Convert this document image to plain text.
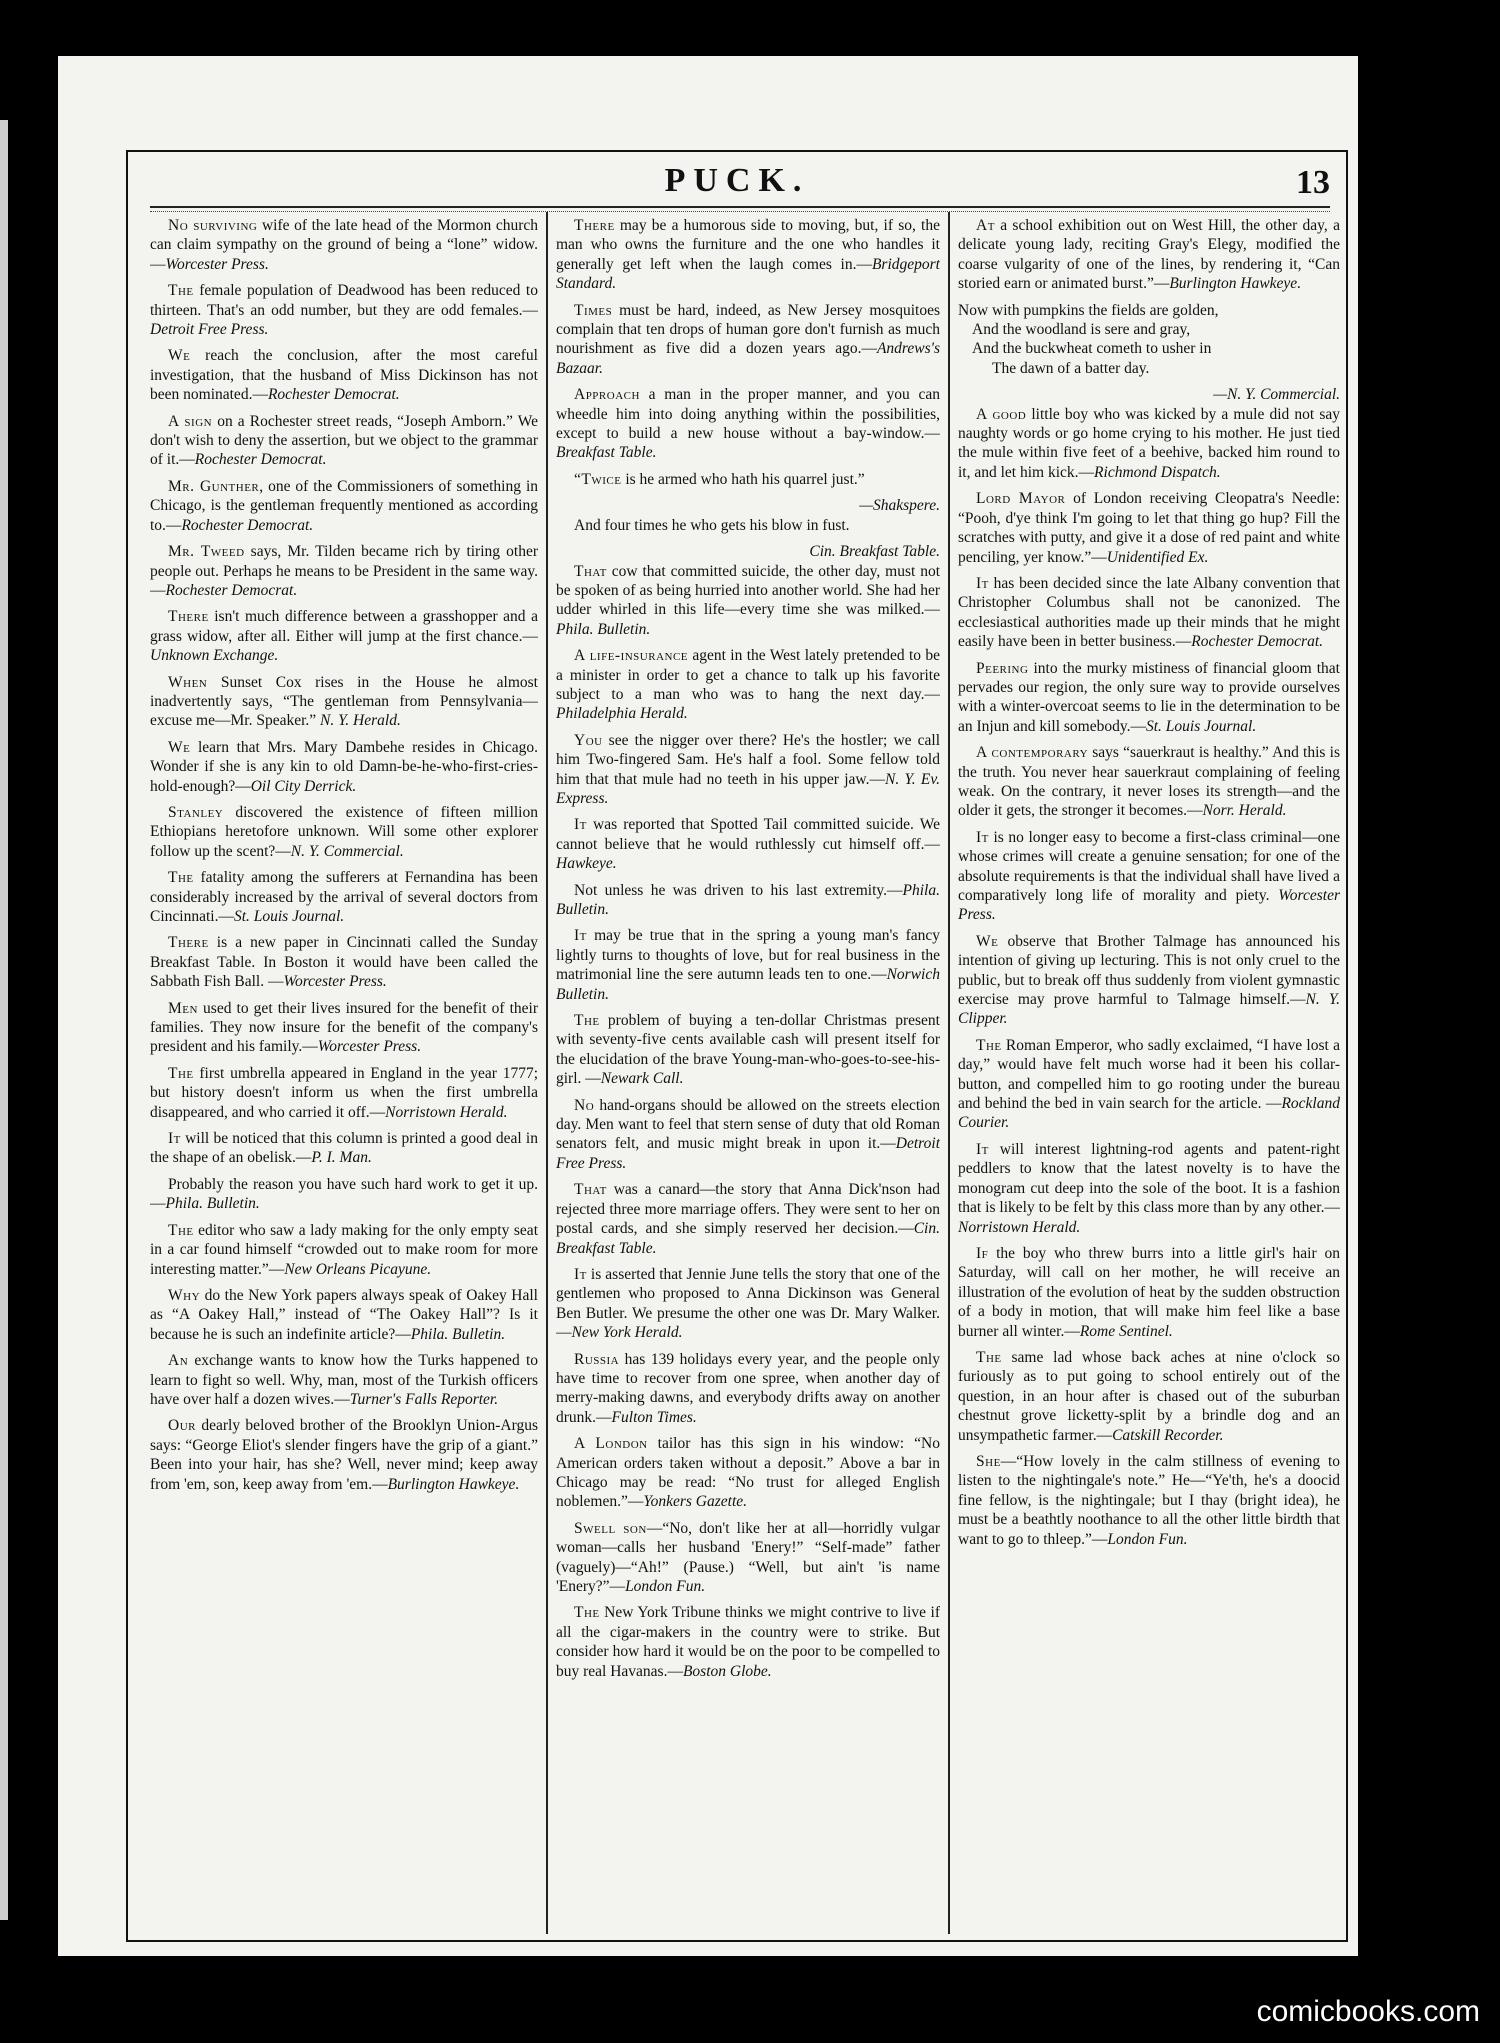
PUCK.	13

No surviving wife of the late head of the Mormon church can claim sympathy on the ground of being a “lone” widow.—Worcester Press.

The female population of Deadwood has been reduced to thirteen. That's an odd number, but they are odd females.—Detroit Free Press.

We reach the conclusion, after the most careful investigation, that the husband of Miss Dickinson has not been nominated.—Rochester Democrat.

A sign on a Rochester street reads, “Joseph Amborn.” We don't wish to deny the assertion, but we object to the grammar of it.—Rochester Democrat.

Mr. Gunther, one of the Commissioners of something in Chicago, is the gentleman frequently mentioned as according to.—Rochester Democrat.

Mr. Tweed says, Mr. Tilden became rich by tiring other people out. Perhaps he means to be President in the same way.—Rochester Democrat.

There isn't much difference between a grasshopper and a grass widow, after all. Either will jump at the first chance.—Unknown Exchange.

When Sunset Cox rises in the House he almost inadvertently says, “The gentleman from Pennsylvania—excuse me—Mr. Speaker.” N. Y. Herald.

We learn that Mrs. Mary Dambehe resides in Chicago. Wonder if she is any kin to old Damn-be-he-who-first-cries-hold-enough?—Oil City Derrick.

Stanley discovered the existence of fifteen million Ethiopians heretofore unknown. Will some other explorer follow up the scent?—N. Y. Commercial.

The fatality among the sufferers at Fernandina has been considerably increased by the arrival of several doctors from Cincinnati.—St. Louis Journal.

There is a new paper in Cincinnati called the Sunday Breakfast Table. In Boston it would have been called the Sabbath Fish Ball. —Worcester Press.

Men used to get their lives insured for the benefit of their families. They now insure for the benefit of the company's president and his family.—Worcester Press.

The first umbrella appeared in England in the year 1777; but history doesn't inform us when the first umbrella disappeared, and who carried it off.—Norristown Herald.

It will be noticed that this column is printed a good deal in the shape of an obelisk.—P. I. Man.

Probably the reason you have such hard work to get it up.—Phila. Bulletin.

The editor who saw a lady making for the only empty seat in a car found himself “crowded out to make room for more interesting matter.”—New Orleans Picayune.

Why do the New York papers always speak of Oakey Hall as “A Oakey Hall,” instead of “The Oakey Hall”? Is it because he is such an indefinite article?—Phila. Bulletin.

An exchange wants to know how the Turks happened to learn to fight so well. Why, man, most of the Turkish officers have over half a dozen wives.—Turner's Falls Reporter.

Our dearly beloved brother of the Brooklyn Union-Argus says: “George Eliot's slender fingers have the grip of a giant.” Been into your hair, has she? Well, never mind; keep away from 'em, son, keep away from 'em.—Burlington Hawkeye.

There may be a humorous side to moving, but, if so, the man who owns the furniture and the one who handles it generally get left when the laugh comes in.—Bridgeport Standard.

Times must be hard, indeed, as New Jersey mosquitoes complain that ten drops of human gore don't furnish as much nourishment as five did a dozen years ago.—Andrews's Bazaar.

Approach a man in the proper manner, and you can wheedle him into doing anything within the possibilities, except to build a new house without a bay-window.—Breakfast Table.

“Twice is he armed who hath his quarrel just.”

—Shakspere.

And four times he who gets his blow in fust.

Cin. Breakfast Table.

That cow that committed suicide, the other day, must not be spoken of as being hurried into another world. She had her udder whirled in this life—every time she was milked.—Phila. Bulletin.

A life-insurance agent in the West lately pretended to be a minister in order to get a chance to talk up his favorite subject to a man who was to hang the next day.—Philadelphia Herald.

You see the nigger over there? He's the hostler; we call him Two-fingered Sam. He's half a fool. Some fellow told him that that mule had no teeth in his upper jaw.—N. Y. Ev. Express.

It was reported that Spotted Tail committed suicide. We cannot believe that he would ruthlessly cut himself off.—Hawkeye.

Not unless he was driven to his last extremity.—Phila. Bulletin.

It may be true that in the spring a young man's fancy lightly turns to thoughts of love, but for real business in the matrimonial line the sere autumn leads ten to one.—Norwich Bulletin.

The problem of buying a ten-dollar Christmas present with seventy-five cents available cash will present itself for the elucidation of the brave Young-man-who-goes-to-see-his-girl. —Newark Call.

No hand-organs should be allowed on the streets election day. Men want to feel that stern sense of duty that old Roman senators felt, and music might break in upon it.—Detroit Free Press.

That was a canard—the story that Anna Dick'nson had rejected three more marriage offers. They were sent to her on postal cards, and she simply reserved her decision.—Cin. Breakfast Table.

It is asserted that Jennie June tells the story that one of the gentlemen who proposed to Anna Dickinson was General Ben Butler. We presume the other one was Dr. Mary Walker. —New York Herald.

Russia has 139 holidays every year, and the people only have time to recover from one spree, when another day of merry-making dawns, and everybody drifts away on another drunk.—Fulton Times.

A London tailor has this sign in his window: “No American orders taken without a deposit.” Above a bar in Chicago may be read: “No trust for alleged English noblemen.”—Yonkers Gazette.

Swell son—“No, don't like her at all—horridly vulgar woman—calls her husband 'Enery!” “Self-made” father (vaguely)—“Ah!” (Pause.) “Well, but ain't 'is name 'Enery?”—London Fun.

The New York Tribune thinks we might contrive to live if all the cigar-makers in the country were to strike. But consider how hard it would be on the poor to be compelled to buy real Havanas.—Boston Globe.

At a school exhibition out on West Hill, the other day, a delicate young lady, reciting Gray's Elegy, modified the coarse vulgarity of one of the lines, by rendering it, “Can storied earn or animated burst.”—Burlington Hawkeye.

Now with pumpkins the fields are golden,
And the woodland is sere and gray,
And the buckwheat cometh to usher in
The dawn of a batter day.

—N. Y. Commercial.

A good little boy who was kicked by a mule did not say naughty words or go home crying to his mother. He just tied the mule within five feet of a beehive, backed him round to it, and let him kick.—Richmond Dispatch.

Lord Mayor of London receiving Cleopatra's Needle: “Pooh, d'ye think I'm going to let that thing go hup? Fill the scratches with putty, and give it a dose of red paint and white penciling, yer know.”—Unidentified Ex.

It has been decided since the late Albany convention that Christopher Columbus shall not be canonized. The ecclesiastical authorities made up their minds that he might easily have been in better business.—Rochester Democrat.

Peering into the murky mistiness of financial gloom that pervades our region, the only sure way to provide ourselves with a winter-overcoat seems to lie in the determination to be an Injun and kill somebody.—St. Louis Journal.

A contemporary says “sauerkraut is healthy.” And this is the truth. You never hear sauerkraut complaining of feeling weak. On the contrary, it never loses its strength—and the older it gets, the stronger it becomes.—Norr. Herald.

It is no longer easy to become a first-class criminal—one whose crimes will create a genuine sensation; for one of the absolute requirements is that the individual shall have lived a comparatively long life of morality and piety. Worcester Press.

We observe that Brother Talmage has announced his intention of giving up lecturing. This is not only cruel to the public, but to break off thus suddenly from violent gymnastic exercise may prove harmful to Talmage himself.—N. Y. Clipper.

The Roman Emperor, who sadly exclaimed, “I have lost a day,” would have felt much worse had it been his collar-button, and compelled him to go rooting under the bureau and behind the bed in vain search for the article. —Rockland Courier.

It will interest lightning-rod agents and patent-right peddlers to know that the latest novelty is to have the monogram cut deep into the sole of the boot. It is a fashion that is likely to be felt by this class more than by any other.—Norristown Herald.

If the boy who threw burrs into a little girl's hair on Saturday, will call on her mother, he will receive an illustration of the evolution of heat by the sudden obstruction of a body in motion, that will make him feel like a base burner all winter.—Rome Sentinel.

The same lad whose back aches at nine o'clock so furiously as to put going to school entirely out of the question, in an hour after is chased out of the suburban chestnut grove licketty-split by a brindle dog and an unsympathetic farmer.—Catskill Recorder.

She—“How lovely in the calm stillness of evening to listen to the nightingale's note.” He—“Ye'th, he's a doocid fine fellow, is the nightingale; but I thay (bright idea), he must be a beathtly noothance to all the other little birdth that want to go to thleep.”—London Fun.

comicbooks.com
